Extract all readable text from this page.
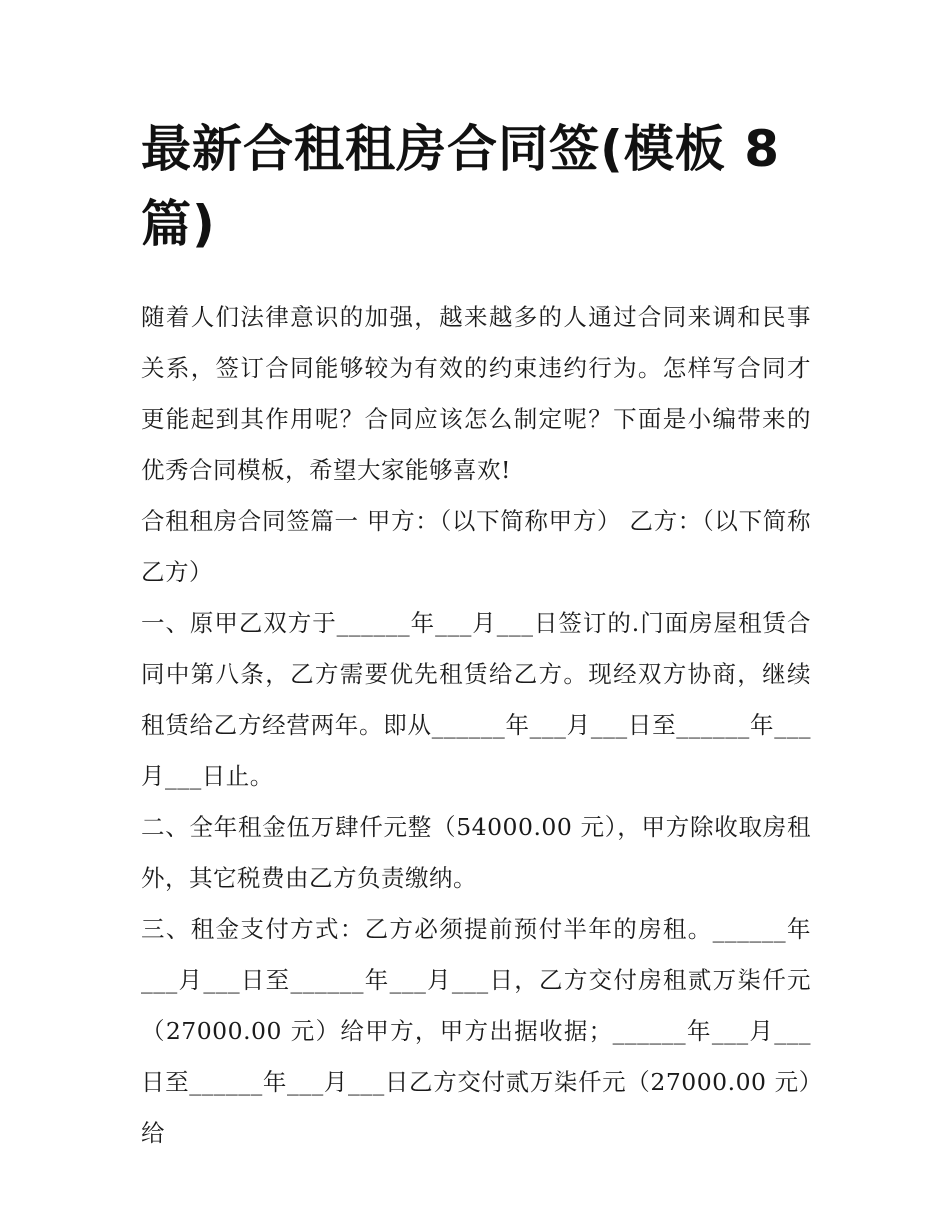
最新合租租房合同签(模板 8 篇)

随着人们法律意识的加强，越来越多的人通过合同来调和民事关系，签订合同能够较为有效的约束违约行为。怎样写合同才更能起到其作用呢？合同应该怎么制定呢？下面是小编带来的优秀合同模板，希望大家能够喜欢!

合租租房合同签篇一 甲方：（以下简称甲方） 乙方：（以下简称乙方）

一、原甲乙双方于______年___月___日签订的.门面房屋租赁合同中第八条，乙方需要优先租赁给乙方。现经双方协商，继续租赁给乙方经营两年。即从______年___月___日至______年___月___日止。

二、全年租金伍万肆仟元整（54000.00 元），甲方除收取房租外，其它税费由乙方负责缴纳。

三、租金支付方式：乙方必须提前预付半年的房租。______年___月___日至______年___月___日，乙方交付房租贰万柒仟元（27000.00 元）给甲方，甲方出据收据；______年___月___日至______年___月___日乙方交付贰万柒仟元（27000.00 元）给
